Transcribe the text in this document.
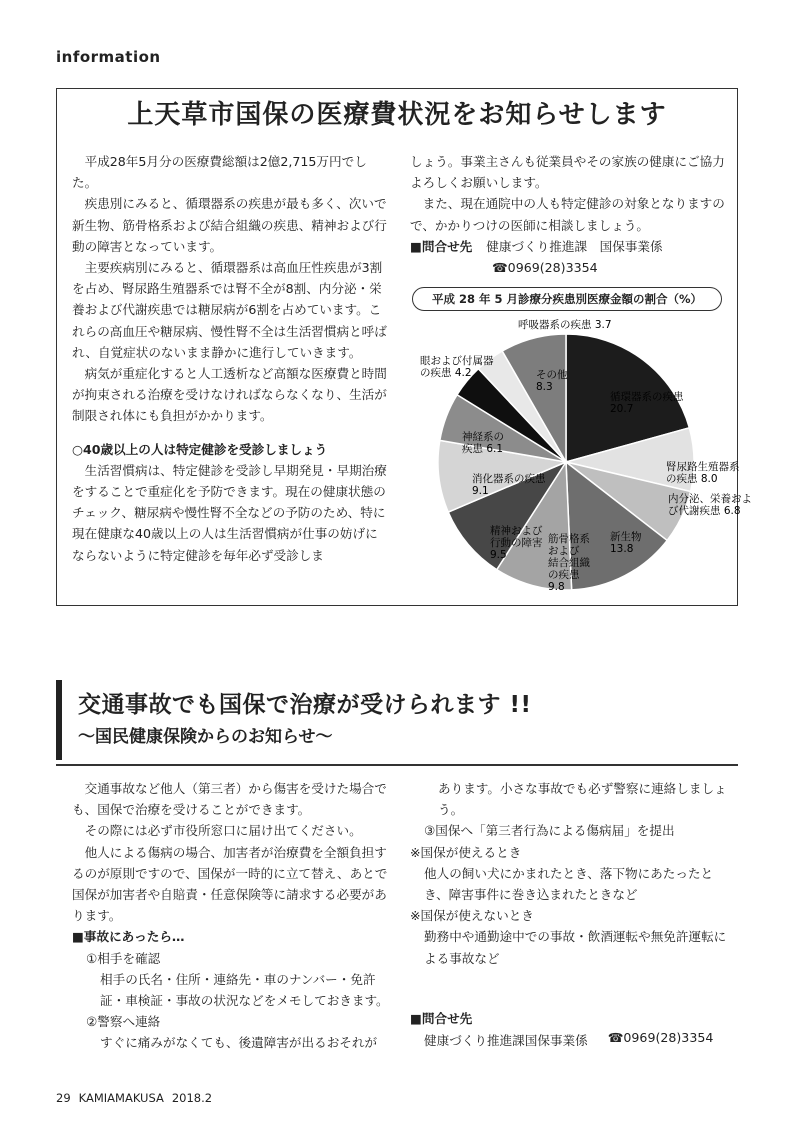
information
上天草市国保の医療費状況をお知らせします

平成28年5月分の医療費総額は2億2,715万円でした。

疾患別にみると、循環器系の疾患が最も多く、次いで新生物、筋骨格系および結合組織の疾患、精神および行動の障害となっています。

主要疾病別にみると、循環器系は高血圧性疾患が3割を占め、腎尿路生殖器系では腎不全が8割、内分泌・栄養および代謝疾患では糖尿病が6割を占めています。これらの高血圧や糖尿病、慢性腎不全は生活習慣病と呼ばれ、自覚症状のないまま静かに進行していきます。

病気が重症化すると人工透析など高額な医療費と時間が拘束される治療を受けなければならなくなり、生活が制限され体にも負担がかかります。

○40歳以上の人は特定健診を受診しましょう

生活習慣病は、特定健診を受診し早期発見・早期治療をすることで重症化を予防できます。現在の健康状態のチェック、糖尿病や慢性腎不全などの予防のため、特に現在健康な40歳以上の人は生活習慣病が仕事の妨げにならないように特定健診を毎年必ず受診しま

しょう。事業主さんも従業員やその家族の健康にご協力よろしくお願いします。

また、現在通院中の人も特定健診の対象となりますので、かかりつけの医師に相談しましょう。

■問合せ先 健康づくり推進課　国保事業係
☎0969(28)3354
平成 28 年 5 月診療分疾患別医療金額の割合（%）
循環器系の疾患 20.7
腎尿路生殖器系の疾患 8.0
内分泌、栄養および代謝疾患 6.8
新生物 13.8
筋骨格系および結合組織の疾患 9.8
精神および行動の障害 9.5
消化器系の疾患 9.1
神経系の疾患 6.1
眼および付属器の疾患 4.2
呼吸器系の疾患 3.7
その他 8.3
交通事故でも国保で治療が受けられます !!
～国民健康保険からのお知らせ～

交通事故など他人（第三者）から傷害を受けた場合でも、国保で治療を受けることができます。

その際には必ず市役所窓口に届け出てください。

他人による傷病の場合、加害者が治療費を全額負担するのが原則ですので、国保が一時的に立て替え、あとで国保が加害者や自賠責・任意保険等に請求する必要があります。

■事故にあったら…

①相手を確認

相手の氏名・住所・連絡先・車のナンバー・免許証・車検証・事故の状況などをメモしておきます。

②警察へ連絡

すぐに痛みがなくても、後遺障害が出るおそれが

あります。小さな事故でも必ず警察に連絡しましょう。

③国保へ「第三者行為による傷病届」を提出

※国保が使えるとき

他人の飼い犬にかまれたとき、落下物にあたったとき、障害事件に巻き込まれたときなど

※国保が使えないとき

勤務中や通勤途中での事故・飲酒運転や無免許運転による事故など

■問合せ先
健康づくり推進課国保事業係 ☎0969(28)3354
29 KAMIAMAKUSA 2018.2
